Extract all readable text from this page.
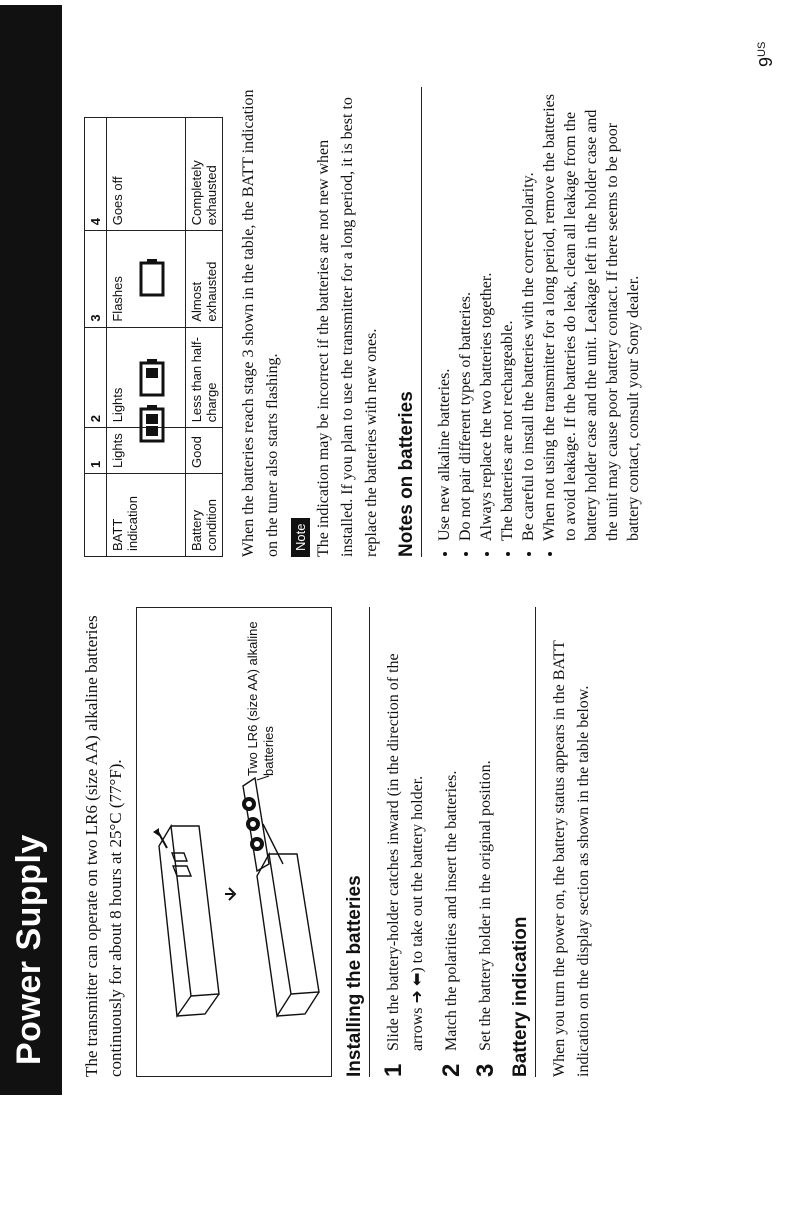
Power Supply The transmitter can operate on two LR6 (size AA) alkaline batteries continuously for about 8 hours at 25°C (77°F).

Two LR6 (size AA) alkaline batteries
Installing the batteries 1
Slide the battery-holder catches inward (in the direction of the arrows ➜ ⬅) to take out the battery holder.
2
Match the polarities and insert the batteries.
3
Set the battery holder in the original position. Battery indication	When you turn the power on, the battery status appears in the BATT indication on the display section as shown in the table below.

	1	2	3	4
BATT indication	Lights	Lights	Flashes	Goes off
Battery condition	Good	Less than half-charge	Almost exhausted	Completely exhausted When the batteries reach stage 3 shown in the table, the BATT indication on the tuner also starts flashing. Note The indication may be incorrect if the batteries are not new when installed. If you plan to use the transmitter for a long period, it is best to replace the batteries with new ones. Notes on batteries	• Use new alkaline batteries. • Do not pair different types of batteries. • Always replace the two batteries together. • The batteries are not rechargeable. • Be careful to install the batteries with the correct polarity. • When not using the transmitter for a long period, remove the batteries to avoid leakage. If the batteries do leak, clean all leakage from the battery holder case and the unit. Leakage left in the holder case and the unit may cause poor battery contact. If there seems to be poor battery contact, consult your Sony dealer.
$9^{US}$
